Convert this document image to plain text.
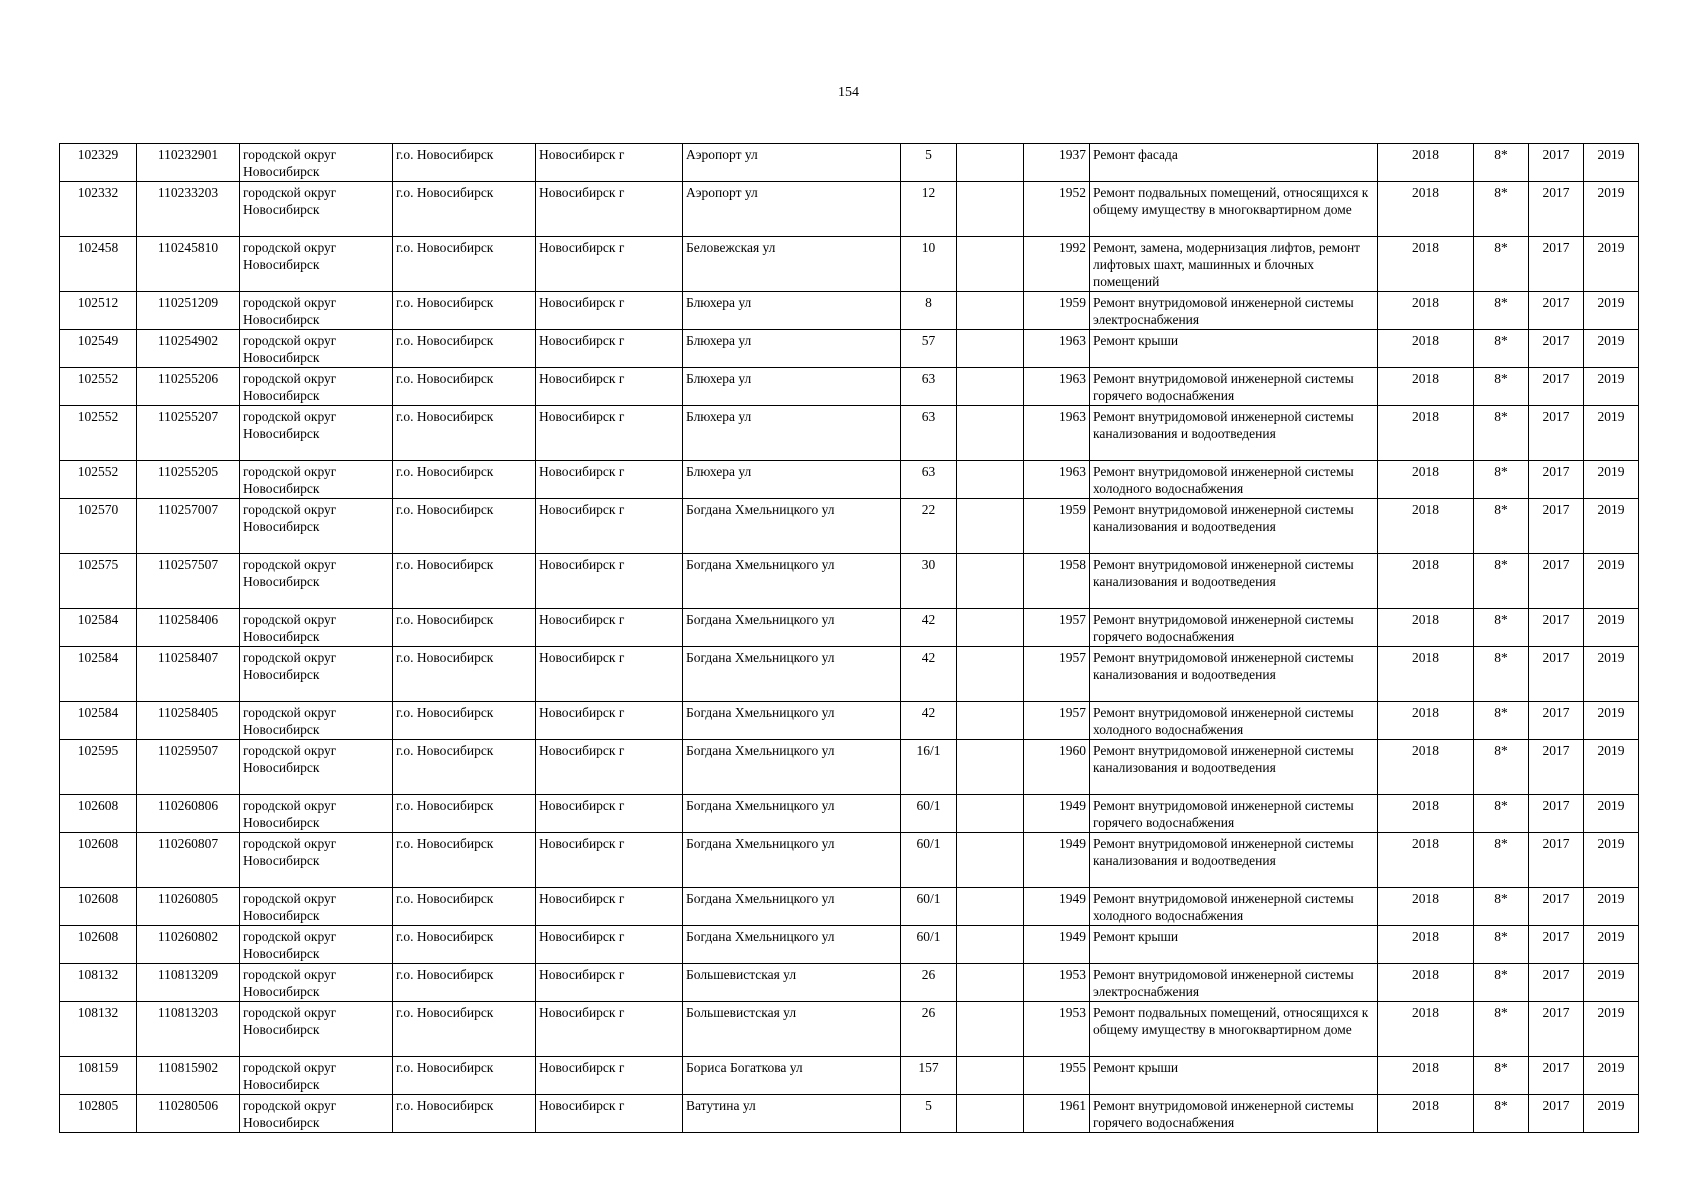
154
102329	110232901	городской округ Новосибирск	г.о. Новосибирск	Новосибирск г	Аэропорт ул	5		1937	Ремонт фасада	2018	8*	2017	2019
102332	110233203	городской округ Новосибирск	г.о. Новосибирск	Новосибирск г	Аэропорт ул	12		1952	Ремонт подвальных помещений, относящихся к общему имуществу в многоквартирном доме	2018	8*	2017	2019
102458	110245810	городской округ Новосибирск	г.о. Новосибирск	Новосибирск г	Беловежская ул	10		1992	Ремонт, замена, модернизация лифтов, ремонт лифтовых шахт, машинных и блочных помещений	2018	8*	2017	2019
102512	110251209	городской округ Новосибирск	г.о. Новосибирск	Новосибирск г	Блюхера ул	8		1959	Ремонт внутридомовой инженерной системы электроснабжения	2018	8*	2017	2019
102549	110254902	городской округ Новосибирск	г.о. Новосибирск	Новосибирск г	Блюхера ул	57		1963	Ремонт крыши	2018	8*	2017	2019
102552	110255206	городской округ Новосибирск	г.о. Новосибирск	Новосибирск г	Блюхера ул	63		1963	Ремонт внутридомовой инженерной системы горячего водоснабжения	2018	8*	2017	2019
102552	110255207	городской округ Новосибирск	г.о. Новосибирск	Новосибирск г	Блюхера ул	63		1963	Ремонт внутридомовой инженерной системы канализования и водоотведения	2018	8*	2017	2019
102552	110255205	городской округ Новосибирск	г.о. Новосибирск	Новосибирск г	Блюхера ул	63		1963	Ремонт внутридомовой инженерной системы холодного водоснабжения	2018	8*	2017	2019
102570	110257007	городской округ Новосибирск	г.о. Новосибирск	Новосибирск г	Богдана Хмельницкого ул	22		1959	Ремонт внутридомовой инженерной системы канализования и водоотведения	2018	8*	2017	2019
102575	110257507	городской округ Новосибирск	г.о. Новосибирск	Новосибирск г	Богдана Хмельницкого ул	30		1958	Ремонт внутридомовой инженерной системы канализования и водоотведения	2018	8*	2017	2019
102584	110258406	городской округ Новосибирск	г.о. Новосибирск	Новосибирск г	Богдана Хмельницкого ул	42		1957	Ремонт внутридомовой инженерной системы горячего водоснабжения	2018	8*	2017	2019
102584	110258407	городской округ Новосибирск	г.о. Новосибирск	Новосибирск г	Богдана Хмельницкого ул	42		1957	Ремонт внутридомовой инженерной системы канализования и водоотведения	2018	8*	2017	2019
102584	110258405	городской округ Новосибирск	г.о. Новосибирск	Новосибирск г	Богдана Хмельницкого ул	42		1957	Ремонт внутридомовой инженерной системы холодного водоснабжения	2018	8*	2017	2019
102595	110259507	городской округ Новосибирск	г.о. Новосибирск	Новосибирск г	Богдана Хмельницкого ул	16/1		1960	Ремонт внутридомовой инженерной системы канализования и водоотведения	2018	8*	2017	2019
102608	110260806	городской округ Новосибирск	г.о. Новосибирск	Новосибирск г	Богдана Хмельницкого ул	60/1		1949	Ремонт внутридомовой инженерной системы горячего водоснабжения	2018	8*	2017	2019
102608	110260807	городской округ Новосибирск	г.о. Новосибирск	Новосибирск г	Богдана Хмельницкого ул	60/1		1949	Ремонт внутридомовой инженерной системы канализования и водоотведения	2018	8*	2017	2019
102608	110260805	городской округ Новосибирск	г.о. Новосибирск	Новосибирск г	Богдана Хмельницкого ул	60/1		1949	Ремонт внутридомовой инженерной системы холодного водоснабжения	2018	8*	2017	2019
102608	110260802	городской округ Новосибирск	г.о. Новосибирск	Новосибирск г	Богдана Хмельницкого ул	60/1		1949	Ремонт крыши	2018	8*	2017	2019
108132	110813209	городской округ Новосибирск	г.о. Новосибирск	Новосибирск г	Большевистская ул	26		1953	Ремонт внутридомовой инженерной системы электроснабжения	2018	8*	2017	2019
108132	110813203	городской округ Новосибирск	г.о. Новосибирск	Новосибирск г	Большевистская ул	26		1953	Ремонт подвальных помещений, относящихся к общему имуществу в многоквартирном доме	2018	8*	2017	2019
108159	110815902	городской округ Новосибирск	г.о. Новосибирск	Новосибирск г	Бориса Богаткова ул	157		1955	Ремонт крыши	2018	8*	2017	2019
102805	110280506	городской округ Новосибирск	г.о. Новосибирск	Новосибирск г	Ватутина ул	5		1961	Ремонт внутридомовой инженерной системы горячего водоснабжения	2018	8*	2017	2019
